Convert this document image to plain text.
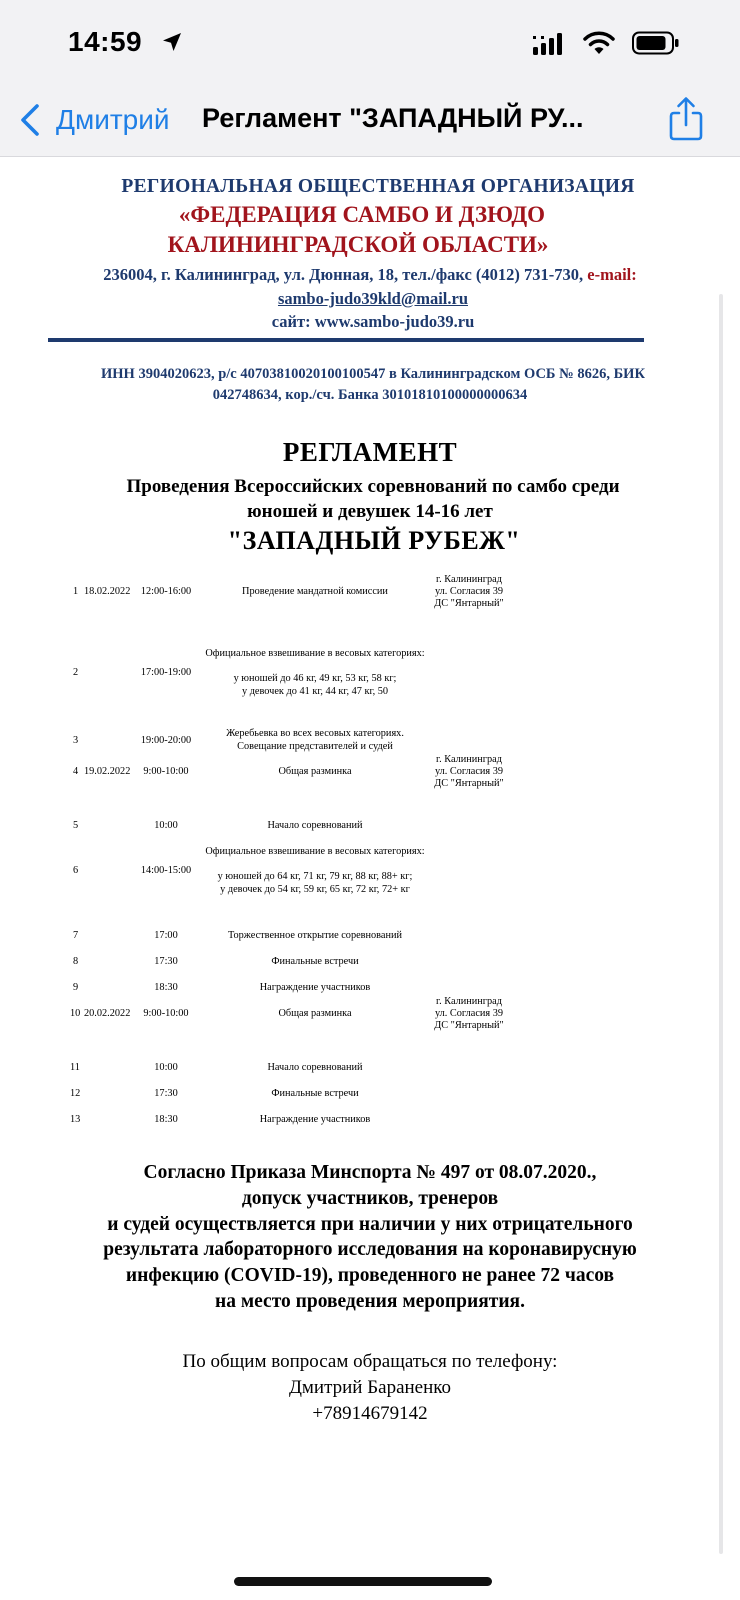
14:59
Дмитрий Регламент "ЗАПАДНЫЙ РУ...
РЕГИОНАЛЬНАЯ ОБЩЕСТВЕННАЯ ОРГАНИЗАЦИЯ
«ФЕДЕРАЦИЯ САМБО И ДЗЮДО
КАЛИНИНГРАДСКОЙ ОБЛАСТИ»
236004, г. Калининград, ул. Дюнная, 18, тел./факс (4012) 731-730, e-mail:
sambo-judo39kld@mail.ru
сайт: www.sambo-judo39.ru
ИНН 3904020623, р/с 40703810020100100547 в Калининградском ОСБ № 8626, БИК
042748634, кор./сч. Банка 30101810100000000634
РЕГЛАМЕНТ
Проведения Всероссийских соревнований по самбо среди
юношей и девушек 14-16 лет
"ЗАПАДНЫЙ РУБЕЖ"
1 18.02.2022 12:00-16:00	Проведение мандатной комиссии
г. Калининград
ул. Согласия 39
ДС "Янтарный"
2	17:00-19:00
Официальное взвешивание в весовых категориях:

у юношей до 46 кг, 49 кг, 53 кг, 58 кг;
у девочек до 41 кг, 44 кг, 47 кг, 50
3	19:00-20:00
Жеребьевка во всех весовых категориях.
Совещание представителей и судей
4 19.02.2022	9:00-10:00	Общая разминка
г. Калининград
ул. Согласия 39
ДС "Янтарный"
5	10:00	Начало соревнований
6	14:00-15:00
Официальное взвешивание в весовых категориях:

у юношей до 64 кг, 71 кг, 79 кг, 88 кг, 88+ кг;
у девочек до 54 кг, 59 кг, 65 кг, 72 кг, 72+ кг
7	17:00	Торжественное открытие соревнований
8	17:30	Финальные встречи
9	18:30	Награждение участников
10 20.02.2022	9:00-10:00	Общая разминка
г. Калининград
ул. Согласия 39
ДС "Янтарный"
11	10:00	Начало соревнований
12	17:30	Финальные встречи
13	18:30	Награждение участников
Согласно Приказа Минспорта № 497 от 08.07.2020.,
допуск участников, тренеров
и судей осуществляется при наличии у них отрицательного
результата лабораторного исследования на коронавирусную
инфекцию (COVID-19), проведенного не ранее 72 часов
на место проведения мероприятия.
По общим вопросам обращаться по телефону:
Дмитрий Бараненко
+78914679142
